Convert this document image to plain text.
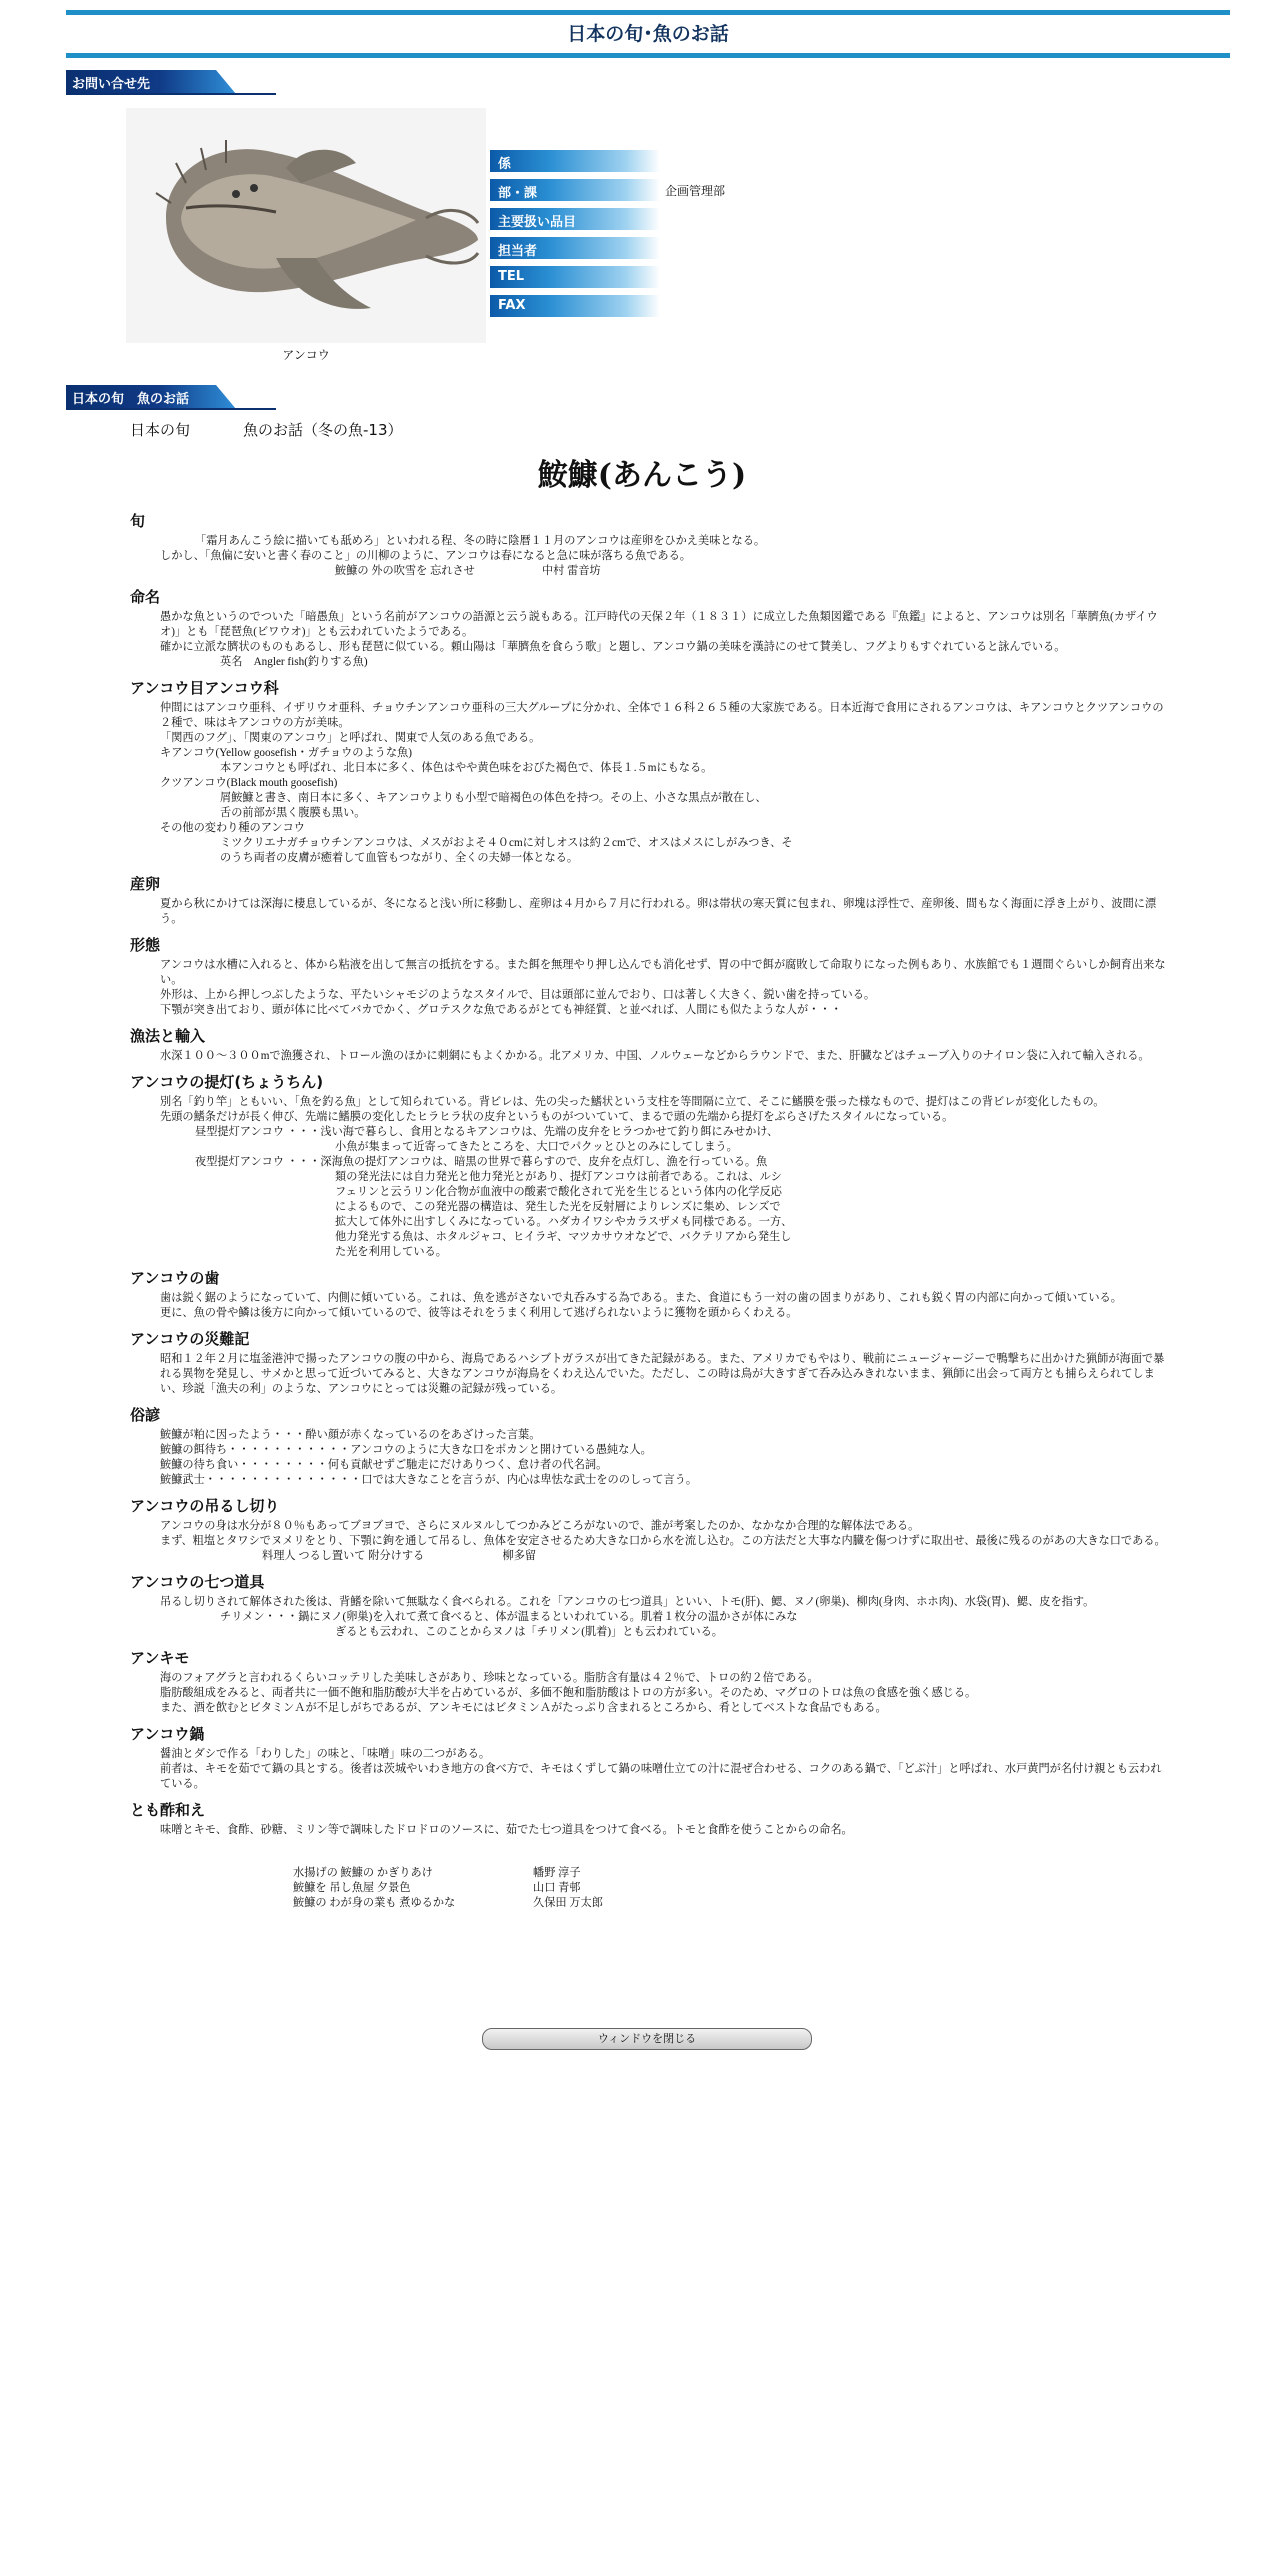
日本の旬･魚のお話
お問い合せ先
アンコウ
係
部・課	企画管理部
主要扱い品目
担当者
TEL
FAX
日本の旬　魚のお話
日本の旬	魚のお話（冬の魚-13）
鮟鱇(あんこう)
旬

「霜月あんこう絵に描いても舐めろ」といわれる程、冬の時に陰暦１１月のアンコウは産卵をひかえ美味となる。

しかし、「魚偏に安いと書く春のこと」の川柳のように、アンコウは春になると急に味が落ちる魚である。

鮟鱇の 外の吹雪を 忘れさせ　　　　　　中村 雷音坊

命名

愚かな魚というのでついた「暗愚魚」という名前がアンコウの語源と云う説もある。江戸時代の天保２年（１８３１）に成立した魚類図鑑である『魚鑑』によると、アンコウは別名「華臍魚(カザイウオ)」とも「琵琶魚(ビワウオ)」とも云われていたようである。

確かに立派な臍状のものもあるし、形も琵琶に似ている。頼山陽は「華臍魚を食らう歌」と題し、アンコウ鍋の美味を漢詩にのせて賛美し、フグよりもすぐれていると詠んでいる。

英名　Angler fish(釣りする魚)

アンコウ目アンコウ科

仲間にはアンコウ亜科、イザリウオ亜科、チョウチンアンコウ亜科の三大グループに分かれ、全体で１６科２６５種の大家族である。日本近海で食用にされるアンコウは、キアンコウとクツアンコウの２種で、味はキアンコウの方が美味。

「関西のフグ」、「関東のアンコウ」と呼ばれ、関東で人気のある魚である。

キアンコウ(Yellow goosefish・ガチョウのような魚)

本アンコウとも呼ばれ、北日本に多く、体色はやや黄色味をおびた褐色で、体長１.５mにもなる。

クツアンコウ(Black mouth goosefish)

屑鮟鱇と書き、南日本に多く、キアンコウよりも小型で暗褐色の体色を持つ。その上、小さな黒点が散在し、

舌の前部が黒く腹膜も黒い。

その他の変わり種のアンコウ

ミツクリエナガチョウチンアンコウは、メスがおよそ４０cmに対しオスは約２cmで、オスはメスにしがみつき、そ

のうち両者の皮膚が癒着して血管もつながり、全くの夫婦一体となる。

産卵

夏から秋にかけては深海に棲息しているが、冬になると浅い所に移動し、産卵は４月から７月に行われる。卵は帯状の寒天質に包まれ、卵塊は浮性で、産卵後、間もなく海面に浮き上がり、波間に漂う。

形態

アンコウは水槽に入れると、体から粘液を出して無言の抵抗をする。また餌を無理やり押し込んでも消化せず、胃の中で餌が腐敗して命取りになった例もあり、水族館でも１週間ぐらいしか飼育出来ない。

外形は、上から押しつぶしたような、平たいシャモジのようなスタイルで、目は頭部に並んでおり、口は著しく大きく、鋭い歯を持っている。

下顎が突き出ており、頭が体に比べてバカでかく、グロテスクな魚であるがとても神経質、と並べれば、人間にも似たような人が・・・

漁法と輸入

水深１００～３００mで漁獲され、トロール漁のほかに刺網にもよくかかる。北アメリカ、中国、ノルウェーなどからラウンドで、また、肝臓などはチューブ入りのナイロン袋に入れて輸入される。

アンコウの提灯(ちょうちん)

別名「釣り竿」ともいい、「魚を釣る魚」として知られている。背ビレは、先の尖った鰭状という支柱を等間隔に立て、そこに鰭膜を張った様なもので、提灯はこの背ビレが変化したもの。

先頭の鰭条だけが長く伸び、先端に鰭膜の変化したヒラヒラ状の皮弁というものがついていて、まるで頭の先端から提灯をぶらさげたスタイルになっている。

昼型提灯アンコウ ・・・浅い海で暮らし、食用となるキアンコウは、先端の皮弁をヒラつかせて釣り餌にみせかけ、

小魚が集まって近寄ってきたところを、大口でパクッとひとのみにしてしまう。

夜型提灯アンコウ ・・・深海魚の提灯アンコウは、暗黒の世界で暮らすので、皮弁を点灯し、漁を行っている。魚

類の発光法には自力発光と他力発光とがあり、提灯アンコウは前者である。これは、ルシ

フェリンと云うリン化合物が血液中の酸素で酸化されて光を生じるという体内の化学反応

によるもので、この発光器の構造は、発生した光を反射層によりレンズに集め、レンズで

拡大して体外に出すしくみになっている。ハダカイワシやカラスザメも同様である。一方、

他力発光する魚は、ホタルジャコ、ヒイラギ、マツカサウオなどで、バクテリアから発生し

た光を利用している。

アンコウの歯

歯は鋭く鋸のようになっていて、内側に傾いている。これは、魚を逃がさないで丸呑みする為である。また、食道にもう一対の歯の固まりがあり、これも鋭く胃の内部に向かって傾いている。

更に、魚の骨や鱗は後方に向かって傾いているので、彼等はそれをうまく利用して逃げられないように獲物を頭からくわえる。

アンコウの災難記

昭和１２年２月に塩釜港沖で揚ったアンコウの腹の中から、海鳥であるハシブトガラスが出てきた記録がある。また、アメリカでもやはり、戦前にニュージャージーで鴨撃ちに出かけた猟師が海面で暴れる異物を発見し、サメかと思って近づいてみると、大きなアンコウが海鳥をくわえ込んでいた。ただし、この時は鳥が大きすぎて呑み込みきれないまま、猟師に出会って両方とも捕らえられてしまい、珍説「漁夫の利」のような、アンコウにとっては災難の記録が残っている。

俗諺

鮟鱇が粕に因ったよう・・・酔い顔が赤くなっているのをあざけった言葉。

鮟鱇の餌待ち・・・・・・・・・・・アンコウのように大きな口をポカンと開けている愚純な人。

鮟鱇の待ち食い・・・・・・・・何も貢献せずご馳走にだけありつく、怠け者の代名詞。

鮟鱇武士・・・・・・・・・・・・・・口では大きなことを言うが、内心は卑怯な武士をののしって言う。

アンコウの吊るし切り

アンコウの身は水分が８０％もあってブヨブヨで、さらにヌルヌルしてつかみどころがないので、誰が考案したのか、なかなか合理的な解体法である。

まず、粗塩とタワシでヌメリをとり、下顎に鉤を通して吊るし、魚体を安定させるため大きな口から水を流し込む。この方法だと大事な内臓を傷つけずに取出せ、最後に残るのがあの大きな口である。

料理人 つるし置いて 附分けする　　　　　　　柳多留

アンコウの七つ道具

吊るし切りされて解体された後は、背鰭を除いて無駄なく食べられる。これを「アンコウの七つ道具」といい、トモ(肝)、鰓、ヌノ(卵巣)、柳肉(身肉、ホホ肉)、水袋(胃)、鰓、皮を指す。

チリメン・・・鍋にヌノ(卵巣)を入れて煮て食べると、体が温まるといわれている。肌着１枚分の温かさが体にみな

ぎるとも云われ、このことからヌノは「チリメン(肌着)」とも云われている。

アンキモ

海のフォアグラと言われるくらいコッテリした美味しさがあり、珍味となっている。脂肪含有量は４２％で、トロの約２倍である。

脂肪酸組成をみると、両者共に一価不飽和脂肪酸が大半を占めているが、多価不飽和脂肪酸はトロの方が多い。そのため、マグロのトロは魚の食感を強く感じる。

また、酒を飲むとビタミンＡが不足しがちであるが、アンキモにはビタミンＡがたっぷり含まれるところから、肴としてベストな食品でもある。

アンコウ鍋

醤油とダシで作る「わりした」の味と、「味噌」味の二つがある。

前者は、キモを茹でて鍋の具とする。後者は茨城やいわき地方の食べ方で、キモはくずして鍋の味噌仕立ての汁に混ぜ合わせる、コクのある鍋で、「どぶ汁」と呼ばれ、水戸黄門が名付け親とも云われている。

とも酢和え

味噌とキモ、食酢、砂糖、ミリン等で調味したドロドロのソースに、茹でた七つ道具をつけて食べる。トモと食酢を使うことからの命名。

水揚げの 鮟鱇の かぎりあけ	幡野 淳子
鮟鱇を 吊し魚屋 夕景色	山口 青邨
鮟鱇の わが身の業も 煮ゆるかな	久保田 万太郎
ウィンドウを閉じる
